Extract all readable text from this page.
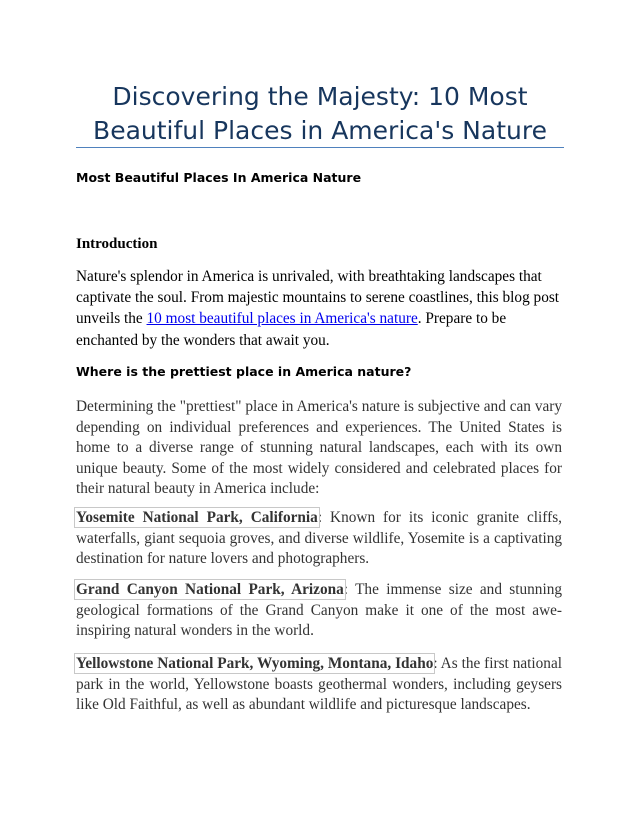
Discovering the Majesty: 10 Most Beautiful Places in America's Nature

Most Beautiful Places In America Nature

Introduction

Nature's splendor in America is unrivaled, with breathtaking landscapes that captivate the soul. From majestic mountains to serene coastlines, this blog post unveils the 10 most beautiful places in America's nature. Prepare to be enchanted by the wonders that await you.

Where is the prettiest place in America nature?

Determining the "prettiest" place in America's nature is subjective and can vary depending on individual preferences and experiences. The United States is home to a diverse range of stunning natural landscapes, each with its own unique beauty. Some of the most widely considered and celebrated places for their natural beauty in America include:

Yosemite National Park, California: Known for its iconic granite cliffs, waterfalls, giant sequoia groves, and diverse wildlife, Yosemite is a captivating destination for nature lovers and photographers.

Grand Canyon National Park, Arizona: The immense size and stunning geological formations of the Grand Canyon make it one of the most awe-inspiring natural wonders in the world.

Yellowstone National Park, Wyoming, Montana, Idaho: As the first national park in the world, Yellowstone boasts geothermal wonders, including geysers like Old Faithful, as well as abundant wildlife and picturesque landscapes.
